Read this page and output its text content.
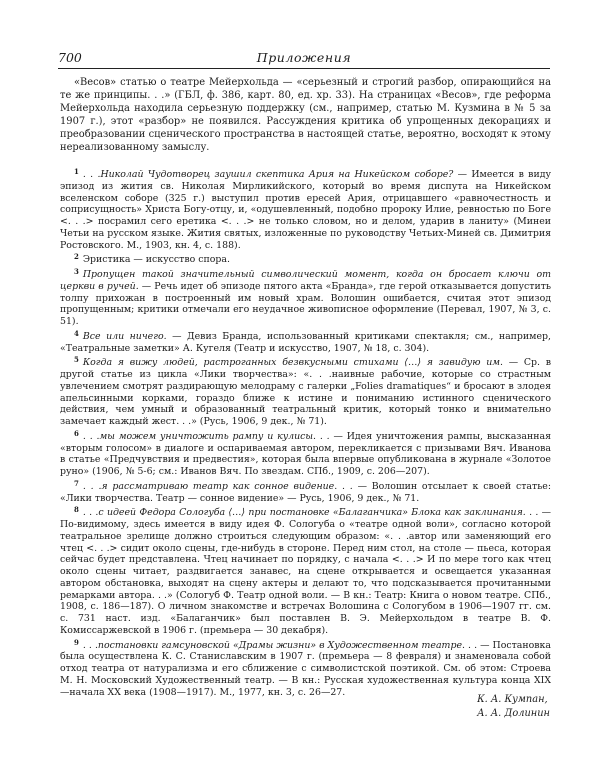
700	Приложения

«Весов» статью о театре Мейерхольда — «серьезный и строгий разбор, опирающийся на те же принципы. . .» (ГБЛ, ф. 386, карт. 80, ед. хр. 33). На страницах «Весов», где реформа Мейерхольда находила серьезную поддержку (см., например, статью М. Кузмина в № 5 за 1907 г.), этот «разбор» не появился. Рассуждения критика об упрощенных декорациях и преобразовании сценического пространства в настоящей статье, вероятно, восходят к этому нереализованному замыслу.

$^1$ . . .Николай Чудотворец заушил скептика Ария на Никейском соборе? — Имеется в виду эпизод из жития св. Николая Мирликийского, который во время диспута на Никейском вселенском соборе (325 г.) выступил против ересей Ария, отрицавшего «равночестность и соприсущность» Христа Богу-отцу, и, «одушевленный, подобно пророку Илие, ревностью по Боге <. . .> посрамил сего еретика <. . .> не только словом, но и делом, ударив в ланиту» (Минеи Четьи на русском языке. Жития святых, изложенные по руководству Четьих-Миней св. Димитрия Ростовского. М., 1903, кн. 4, с. 188).

$^2$ Эристика — искусство спора.

$^3$ Пропущен такой значительный символический момент, когда он бросает ключи от церкви в ручей. — Речь идет об эпизоде пятого акта «Бранда», где герой отказывается допустить толпу прихожан в построенный им новый храм. Волошин ошибается, считая этот эпизод пропущенным; критики отмечали его неудачное живописное оформление (Перевал, 1907, № 3, с. 51).

$^4$ Все или ничего. — Девиз Бранда, использованный критиками спектакля; см., например, «Театральные заметки» А. Кугеля (Театр и искусство, 1907, № 18, с. 304).

$^5$ Когда я вижу людей, растроганных безвкусными стихами ⟨…⟩ я завидую им. — Ср. в другой статье из цикла «Лики творчества»: «. . .наивные рабочие, которые со страстным увлечением смотрят раздирающую мелодраму с галерки „Folies dramatiques“ и бросают в злодея апельсинными корками, гораздо ближе к истине и пониманию истинного сценического действия, чем умный и образованный театральный критик, который тонко и внимательно замечает каждый жест. . .» (Русь, 1906, 9 дек., № 71).

$^6$ . . .мы можем уничтожить рампу и кулисы. . . — Идея уничтожения рампы, высказанная «вторым голосом» в диалоге и оспариваемая автором, перекликается с призывами Вяч. Иванова в статье «Предчувствия и предвестия», которая была впервые опубликована в журнале «Золотое руно» (1906, № 5-6; см.: Иванов Вяч. По звездам. СПб., 1909, с. 206—207).

$^7$ . . .я рассматриваю театр как сонное видение. . . — Волошин отсылает к своей статье: «Лики творчества. Театр — сонное видение» — Русь, 1906, 9 дек., № 71.

$^8$ . . .с идеей Федора Сологуба ⟨…⟩ при постановке «Балаганчика» Блока как заклинания. . . — По-видимому, здесь имеется в виду идея Ф. Сологуба о «театре одной воли», согласно которой театральное зрелище должно строиться следующим образом: «. . .автор или заменяющий его чтец <. . .> сидит около сцены, где-нибудь в стороне. Перед ним стол, на столе — пьеса, которая сейчас будет представлена. Чтец начинает по порядку, с начала <. . .> И по мере того как чтец около сцены читает, раздвигается занавес, на сцене открывается и освещается указанная автором обстановка, выходят на сцену актеры и делают то, что подсказывается прочитанными ремарками автора. . .» (Сологуб Ф. Театр одной воли. — В кн.: Театр: Книга о новом театре. СПб., 1908, с. 186—187). О личном знакомстве и встречах Волошина с Сологубом в 1906—1907 гг. см. с. 731 наст. изд. «Балаганчик» был поставлен В. Э. Мейерхольдом в театре В. Ф. Комиссаржевской в 1906 г. (премьера — 30 декабря).

$^9$ . . .постановки гамсуновской «Драмы жизни» в Художественном театре. . . — Постановка была осуществлена К. С. Станиславским в 1907 г. (премьера — 8 февраля) и знаменовала собой отход театра от натурализма и его сближение с символистской поэтикой. См. об этом: Строева М. Н. Московский Художественный театр. — В кн.: Русская художественная культура конца XIX—начала XX века (1908—1917). М., 1977, кн. 3, с. 26—27.

К. А. Кумпан,
А. А. Долинин
